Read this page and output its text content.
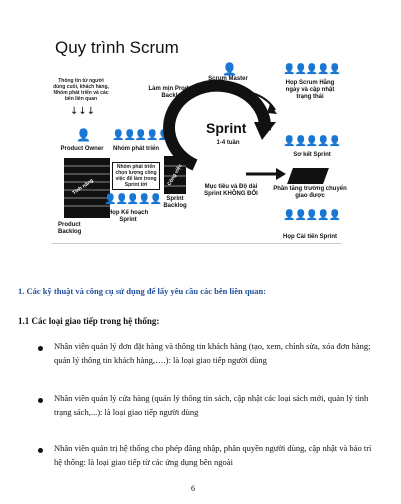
Quy trình Scrum
Thông tin từ người dùng cuối, khách hàng, Nhóm phát triển và các bên liên quan
↓↓↓
👤
Product Owner
👤👤👤👤👤
Nhóm phát triển
Làm mịn Product Backlog
👤
Scrum Master
Sprint
1-4 tuần
👤👤👤👤👤
Họp Scrum Hằng ngày và cập nhật trạng thái
👤👤👤👤👤
Sơ kết Sprint
Phần tăng trưởng chuyển giao được
👤👤👤👤👤
Họp Cải tiến Sprint
Mục tiêu và Độ dài Sprint KHÔNG ĐỔI
Tính năng
Product Backlog
Nhóm phát triển chọn lượng công việc để làm trong Sprint tới
👤👤👤👤👤
Họp Kế hoạch Sprint
Công việc
Sprint Backlog
1. Các kỹ thuật và công cụ sử dụng để lấy yêu cầu các bên liên quan:
1.1 Các loại giao tiếp trong hệ thống:
Nhân viên quản lý đơn đặt hàng và thông tin khách hàng (tạo, xem, chỉnh sửa, xóa đơn hàng; quản lý thông tin khách hàng,….): là loại giao tiếp người dùng
Nhân viên quản lý cửa hàng (quản lý thông tin sách, cập nhật các loại sách mới, quản lý tình trạng sách,...): là loại giao tiếp người dùng
Nhân viên quản trị hệ thống cho phép đăng nhập, phân quyền người dùng, cập nhật và bảo trì hệ thống: là loại giao tiếp từ các ứng dụng bên ngoài
6
